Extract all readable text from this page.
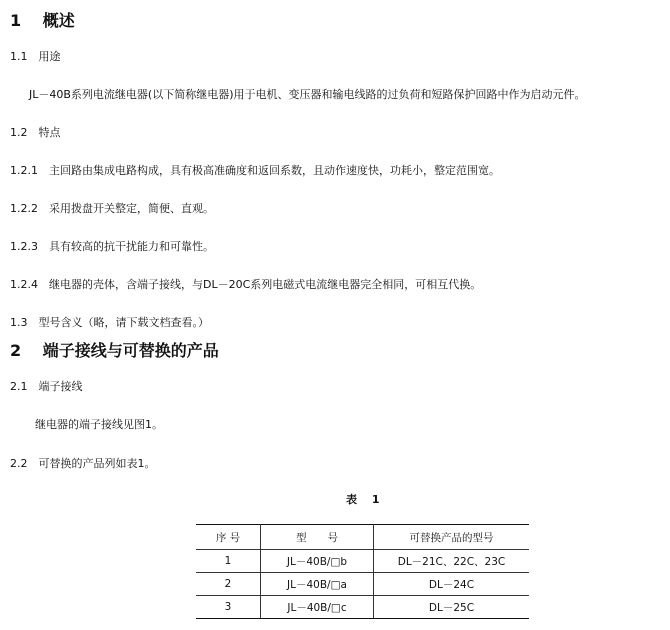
1　 概述
1.1　用途
JL－40B系列电流继电器(以下简称继电器)用于电机、变压器和输电线路的过负荷和短路保护回路中作为启动元件。
1.2　特点
1.2.1　主回路由集成电路构成，具有极高准确度和返回系数，且动作速度快，功耗小，整定范围宽。
1.2.2　采用拨盘开关整定，简便、直观。
1.2.3　具有较高的抗干扰能力和可靠性。
1.2.4　继电器的壳体，含端子接线，与DL－20C系列电磁式电流继电器完全相同，可相互代换。
1.3　型号含义（略，请下载文档查看。）
2　 端子接线与可替换的产品
2.1　端子接线
继电器的端子接线见图1。
2.2　可替换的产品列如表1。
表　 1
序 号	型　　号	可替换产品的型号
1	JL－40B/□b	DL－21C、22C、23C
2	JL－40B/□a	DL－24C
3	JL－40B/□c	DL－25C
